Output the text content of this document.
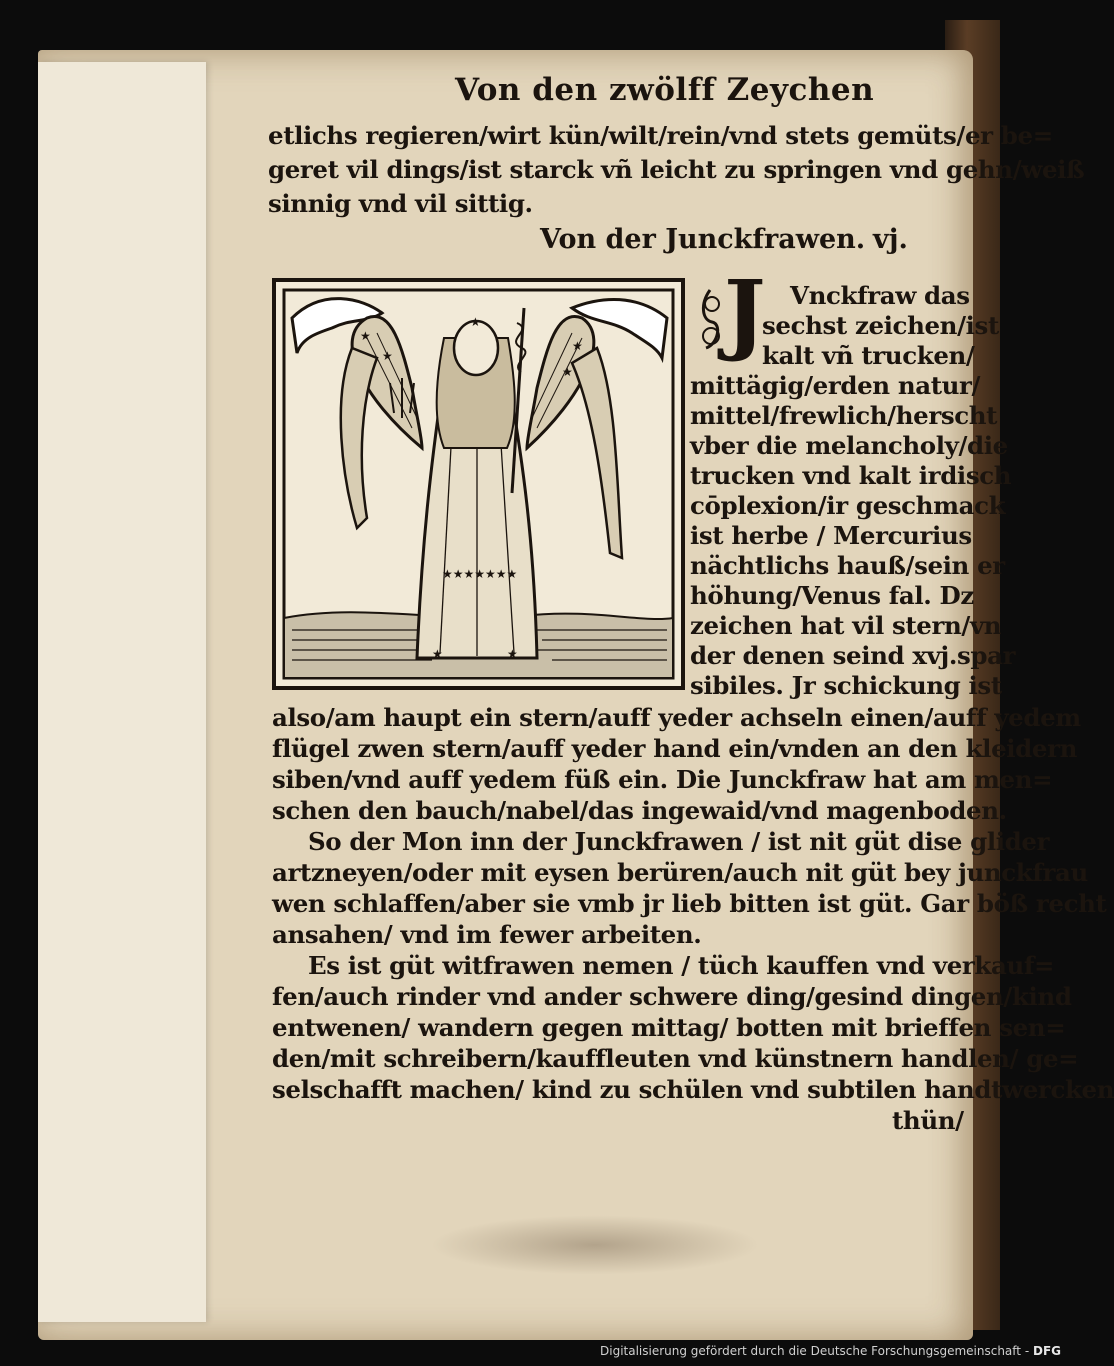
Von den zwölff Zeychen
etlichs regieren/wirt kün/wilt/rein/vnd stets gemüts/er be=
geret vil dings/ist starck vñ leicht zu springen vnd gehn/weiß
sinnig vnd vil sittig.
Von der Junckfrawen. vj.
★
★
★
★
★
★★★★★★★
★	★
J Vnckfraw das
sechst zeichen/ist
kalt vñ trucken/
mittägig/erden natur/
mittel/frewlich/herscht
vber die melancholy/die
trucken vnd kalt irdisch
cōplexion/ir geschmack
ist herbe / Mercurius
nächtlichs hauß/sein er
höhung/Venus fal. Dz
zeichen hat vil stern/vn
der denen seind xvj.spar
sibiles. Jr schickung ist
also/am haupt ein stern/auff yeder achseln einen/auff yedem
flügel zwen stern/auff yeder hand ein/vnden an den kleidern
siben/vnd auff yedem füß ein. Die Junckfraw hat am men=
schen den bauch/nabel/das ingewaid/vnd magenboden.
So der Mon inn der Junckfrawen / ist nit güt dise glider
artzneyen/oder mit eysen berüren/auch nit güt bey junckfrau
wen schlaffen/aber sie vmb jr lieb bitten ist güt. Gar böß recht
ansahen/ vnd im fewer arbeiten.
Es ist güt witfrawen nemen / tüch kauffen vnd verkauf=
fen/auch rinder vnd ander schwere ding/gesind dingen/kind
entwenen/ wandern gegen mittag/ botten mit brieffen sen=
den/mit schreibern/kauffleuten vnd künstnern handlen/ ge=
selschafft machen/ kind zu schülen vnd subtilen handtwercken
thün/
Digitalisierung gefördert durch die Deutsche Forschungsgemeinschaft - DFG
